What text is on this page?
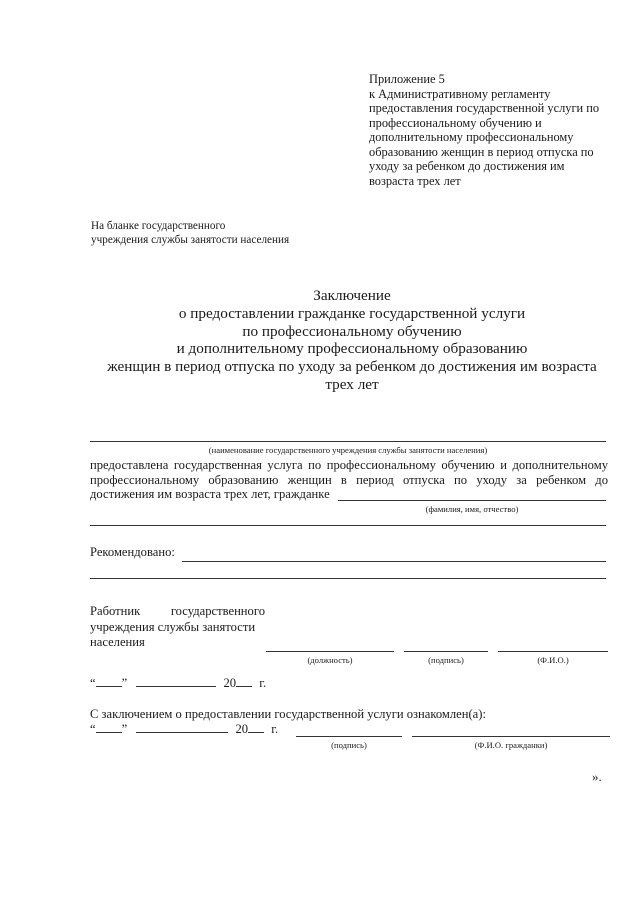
Приложение 5
к Административному регламенту
предоставления государственной услуги по
профессиональному обучению и
дополнительному профессиональному
образованию женщин в период отпуска по
уходу за ребенком до достижения им
возраста трех лет
На бланке государственного
учреждения службы занятости населения
Заключение
о предоставлении гражданке государственной услуги
по профессиональному обучению
и дополнительному профессиональному образованию
женщин в период отпуска по уходу за ребенком до достижения им возраста
трех лет
(наименование государственного учреждения службы занятости населения)
предоставлена государственная услуга по профессиональному обучению и дополнительному
профессиональному образованию женщин в период отпуска по уходу за ребенком до
достижения им возраста трех лет, гражданке
(фамилия, имя, отчество)
Рекомендовано:
Работник государственного
учреждения службы занятости
населения
(должность)	(подпись)	(Ф.И.О.)
“ ”	20 г.
С заключением о предоставлении государственной услуги ознакомлен(а):
“ ”	20 г.
(подпись)	(Ф.И.О. гражданки)
».
